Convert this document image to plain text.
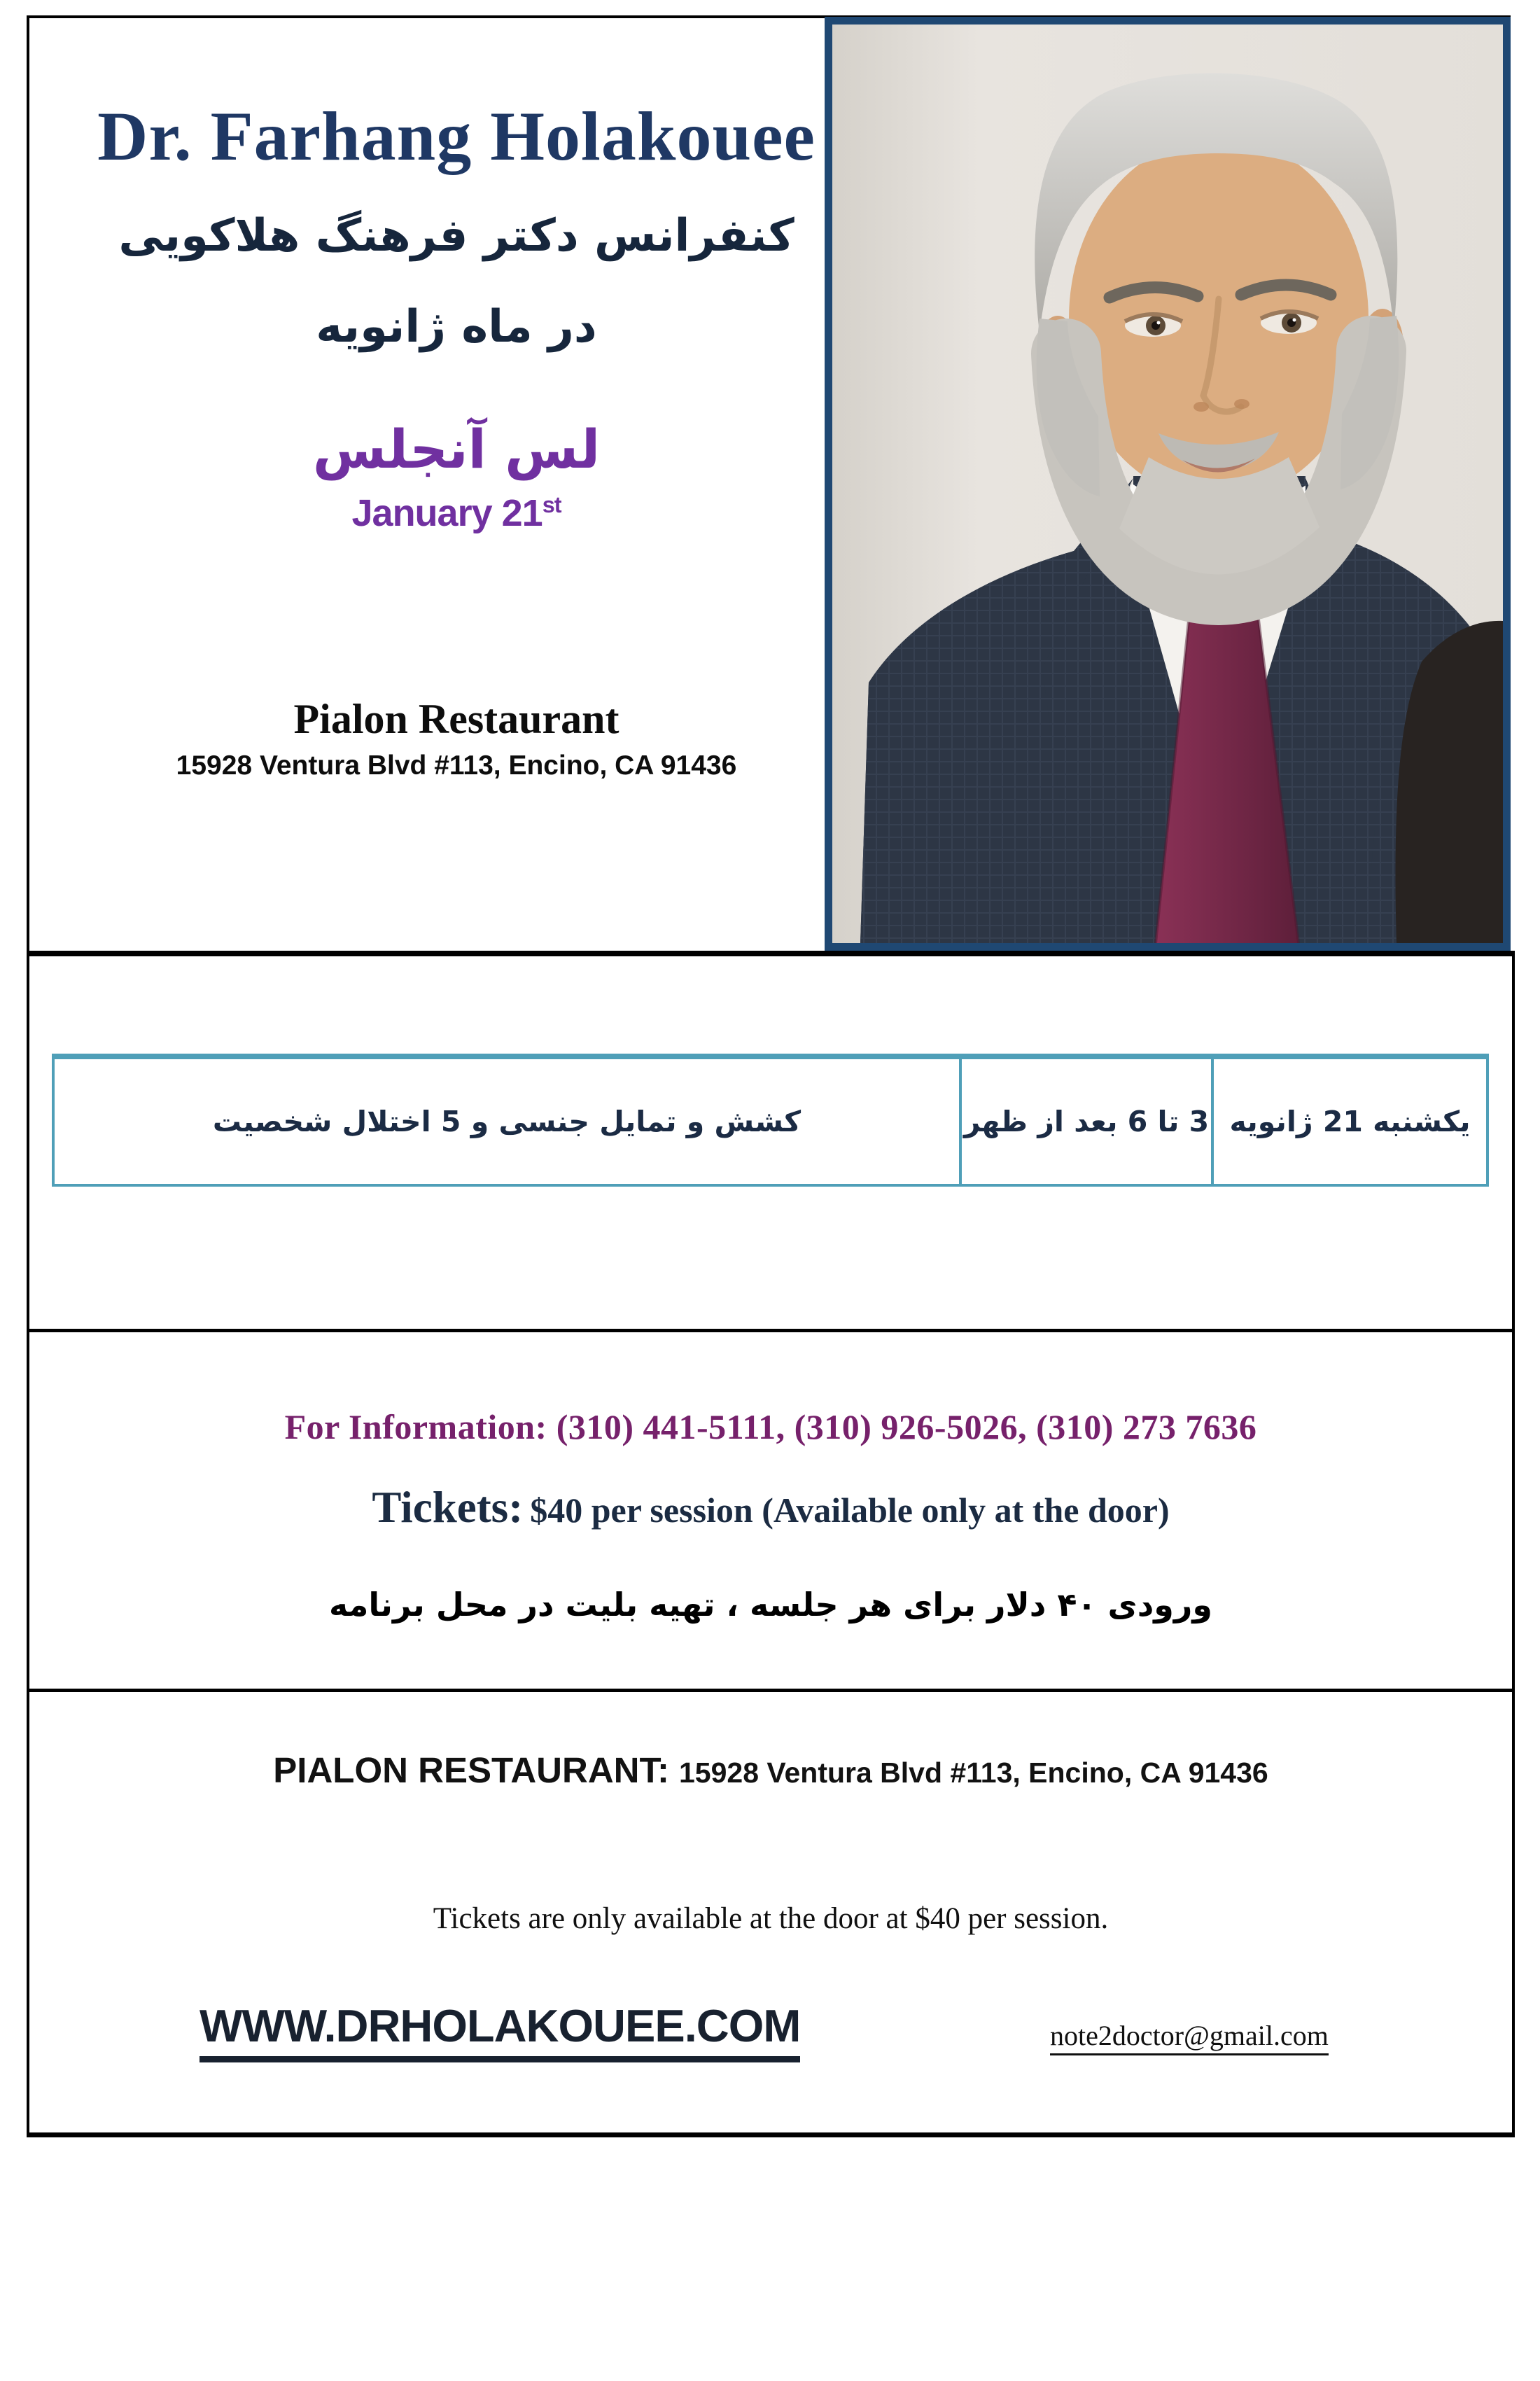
Dr. Farhang Holakouee
کنفرانس دکتر فرهنگ هلاکویی
در ماه ژانویه
لس آنجلس
January 21st
Pialon Restaurant
15928 Ventura Blvd #113, Encino, CA 91436
کشش و تمایل جنسی و 5 اختلال شخصیت	3 تا 6 بعد از ظهر یکشنبه 21 ژانویه
For Information: (310) 441-5111, (310) 926-5026, (310) 273 7636
Tickets: $40 per session (Available only at the door)
ورودی ۴۰ دلار برای هر جلسه ، تهیه بلیت در محل برنامه
PIALON RESTAURANT: 15928 Ventura Blvd #113, Encino, CA 91436
Tickets are only available at the door at $40 per session.
WWW.DRHOLAKOUEE.COM	note2doctor@gmail.com
